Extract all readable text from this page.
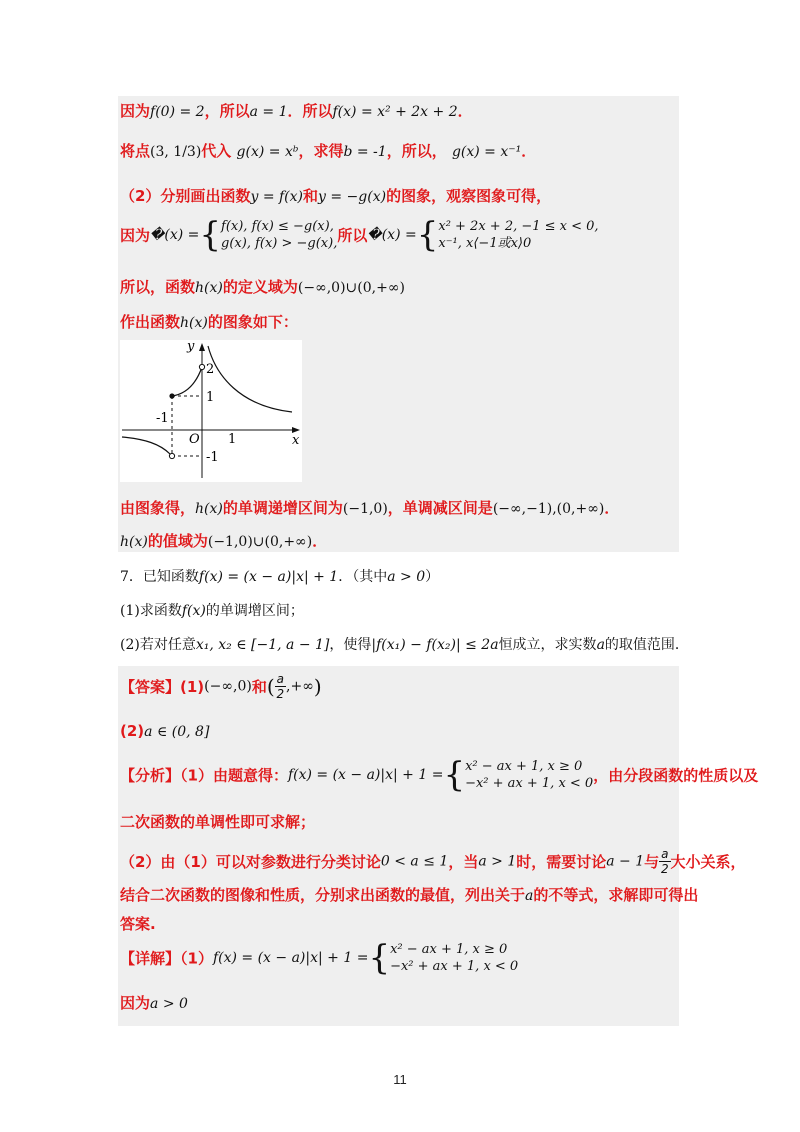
因为f(0) = 2，所以a = 1．所以f(x) = x² + 2x + 2．
将点(3, 1/3)代入 g(x) = xᵇ，求得b = -1，所以， g(x) = x⁻¹．
（2）分别画出函数y = f(x)和y = −g(x)的图象，观察图象可得，
因为�(x) ={f(x), f(x) ≤ −g(x),
g(x), f(x) > −g(x),所以�(x) ={x² + 2x + 2, −1 ≤ x < 0,
x⁻¹, x⟨−1或x⟩0
所以，函数h(x)的定义域为(−∞,0)∪(0,+∞)
作出函数h(x)的图象如下：
y
x
O
2
1
-1
1
-1
由图象得，h(x)的单调递增区间为(−1,0)，单调减区间是(−∞,−1),(0,+∞)．
h(x)的值域为(−1,0)∪(0,+∞)．
7．已知函数f(x) = (x − a)|x| + 1．（其中a > 0）
(1)求函数f(x)的单调增区间；
(2)若对任意x₁, x₂ ∈ [−1, a − 1]，使得|f(x₁) − f(x₂)| ≤ 2a恒成立，求实数a的取值范围．
【答案】(1)(−∞,0)和( $\frac{a}{2},+\infty$)
(2)a ∈ (0, 8]
【分析】（1）由题意得：f(x) = (x − a)|x| + 1 ={x² − ax + 1, x ≥ 0
−x² + ax + 1, x < 0，由分段函数的性质以及
二次函数的单调性即可求解；
（2）由（1）可以对参数进行分类讨论0 < a ≤ 1，当a > 1时，需要讨论a − 1与 $\frac{a}{2}$大小关系，
结合二次函数的图像和性质，分别求出函数的最值，列出关于a的不等式，求解即可得出
答案.
【详解】（1）f(x) = (x − a)|x| + 1 ={x² − ax + 1, x ≥ 0
−x² + ax + 1, x < 0
因为a > 0
11
